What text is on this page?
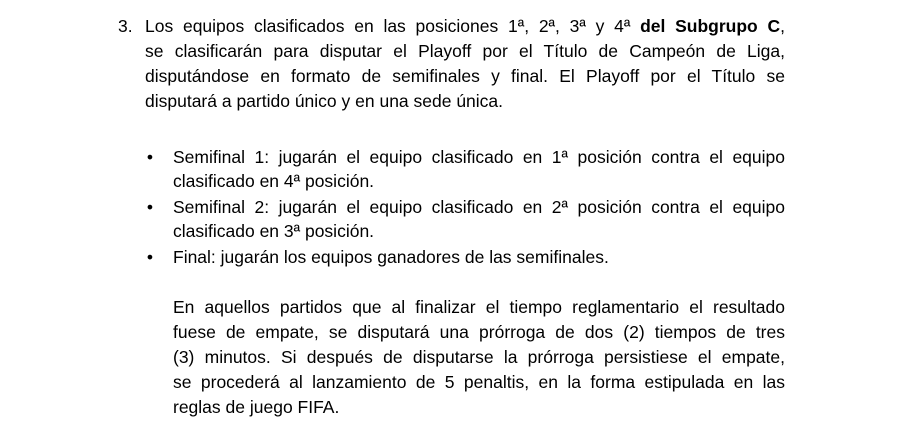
3. Los equipos clasificados en las posiciones 1ª, 2ª, 3ª y 4ª del Subgrupo C,
se clasificarán para disputar el Playoff por el Título de Campeón de Liga,
disputándose en formato de semifinales y final. El Playoff por el Título se
disputará a partido único y en una sede única.
• Semifinal 1: jugarán el equipo clasificado en 1ª posición contra el equipo
clasificado en 4ª posición.
• Semifinal 2: jugarán el equipo clasificado en 2ª posición contra el equipo
clasificado en 3ª posición.
• Final: jugarán los equipos ganadores de las semifinales.
En aquellos partidos que al finalizar el tiempo reglamentario el resultado
fuese de empate, se disputará una prórroga de dos (2) tiempos de tres
(3) minutos. Si después de disputarse la prórroga persistiese el empate,
se procederá al lanzamiento de 5 penaltis, en la forma estipulada en las
reglas de juego FIFA.
